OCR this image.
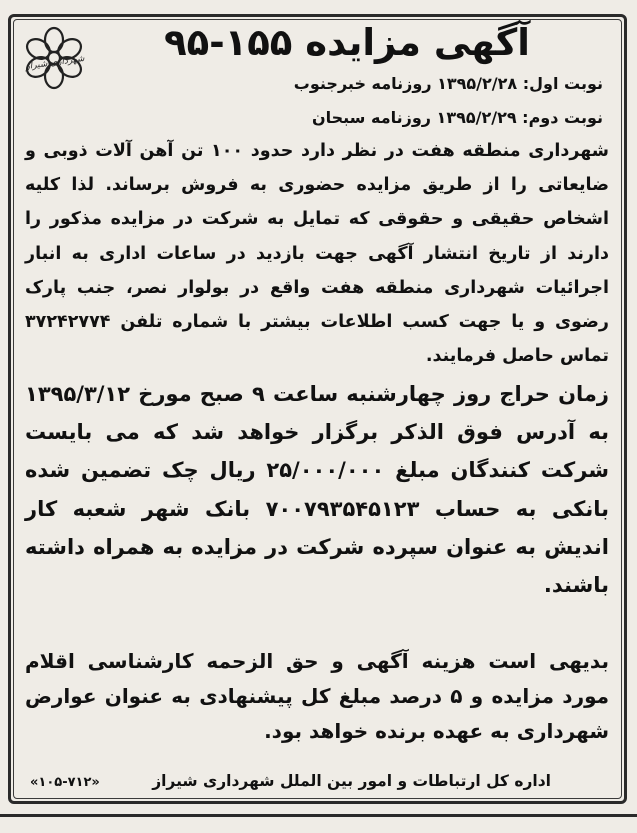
شهرداری شیراز	آگهی مزایده ۱۵۵-۹۵
نوبت اول: ۱۳۹۵/۲/۲۸ روزنامه خبرجنوب
نوبت دوم: ۱۳۹۵/۲/۲۹ روزنامه سبحان

شهرداری منطقه هفت در نظر دارد حدود ۱۰۰ تن آهن آلات ذوبی و ضایعاتی را از طریق مزایده حضوری به فروش برساند. لذا کلیه اشخاص حقیقی و حقوقی که تمایل به شرکت در مزایده مذکور را دارند از تاریخ انتشار آگهی جهت بازدید در ساعات اداری به انبار اجرائیات شهرداری منطقه هفت واقع در بولوار نصر، جنب پارک رضوی و یا جهت کسب اطلاعات بیشتر با شماره تلفن ۳۷۲۴۲۷۷۴ تماس حاصل فرمایند.

زمان حراج روز چهارشنبه ساعت ۹ صبح مورخ ۱۳۹۵/۳/۱۲ به آدرس فوق الذکر برگزار خواهد شد که می بایست شرکت کنندگان مبلغ ۲۵/۰۰۰/۰۰۰ ریال چک تضمین شده بانکی به حساب ۷۰۰۷۹۳۵۴۵۱۲۳ بانک شهر شعبه کار اندیش به عنوان سپرده شرکت در مزایده به همراه داشته باشند.

بدیهی است هزینه آگهی و حق الزحمه کارشناسی اقلام مورد مزایده و ۵ درصد مبلغ کل پیشنهادی به عنوان عوارض شهرداری به عهده برنده خواهد بود.

اداره کل ارتباطات و امور بین الملل شهرداری شیراز
«۱۰۵-۷۱۲»
